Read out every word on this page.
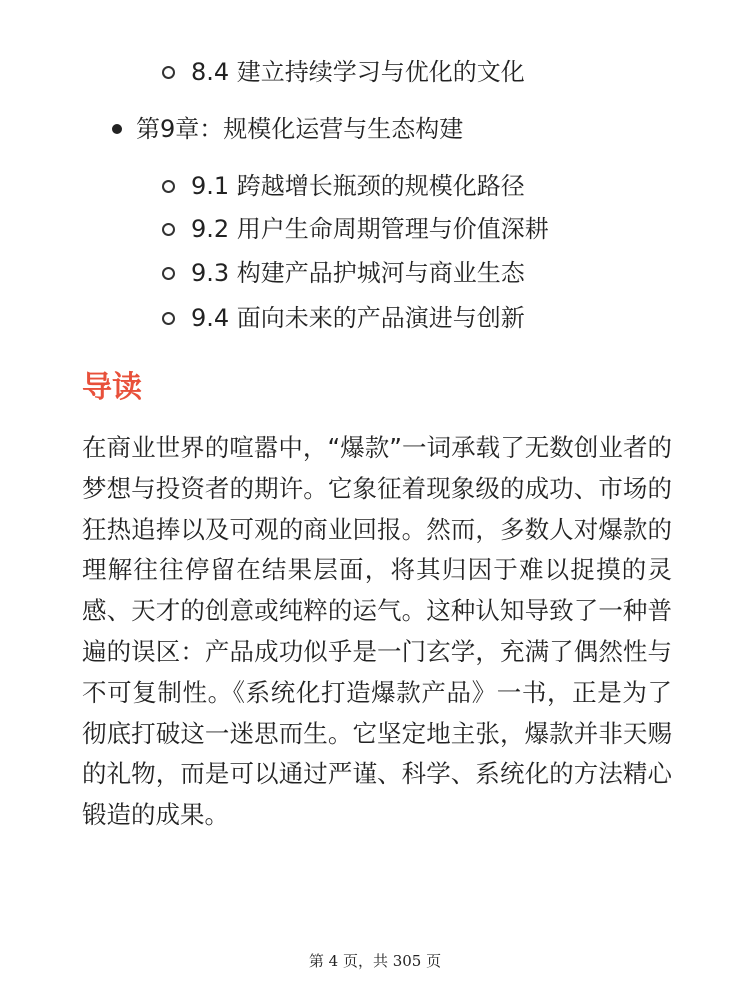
8.4 建立持续学习与优化的文化
第9章：规模化运营与生态构建
9.1 跨越增长瓶颈的规模化路径
9.2 用户生命周期管理与价值深耕
9.3 构建产品护城河与商业生态
9.4 面向未来的产品演进与创新
导读
在商业世界的喧嚣中，“爆款”一词承载了无数创业者的梦想与投资者的期许。它象征着现象级的成功、市场的狂热追捧以及可观的商业回报。然而，多数人对爆款的理解往往停留在结果层面，将其归因于难以捉摸的灵感、天才的创意或纯粹的运气。这种认知导致了一种普遍的误区：产品成功似乎是一门玄学，充满了偶然性与不可复制性。《系统化打造爆款产品》一书，正是为了彻底打破这一迷思而生。它坚定地主张，爆款并非天赐的礼物，而是可以通过严谨、科学、系统化的方法精心锻造的成果。
第 4 页，共 305 页
